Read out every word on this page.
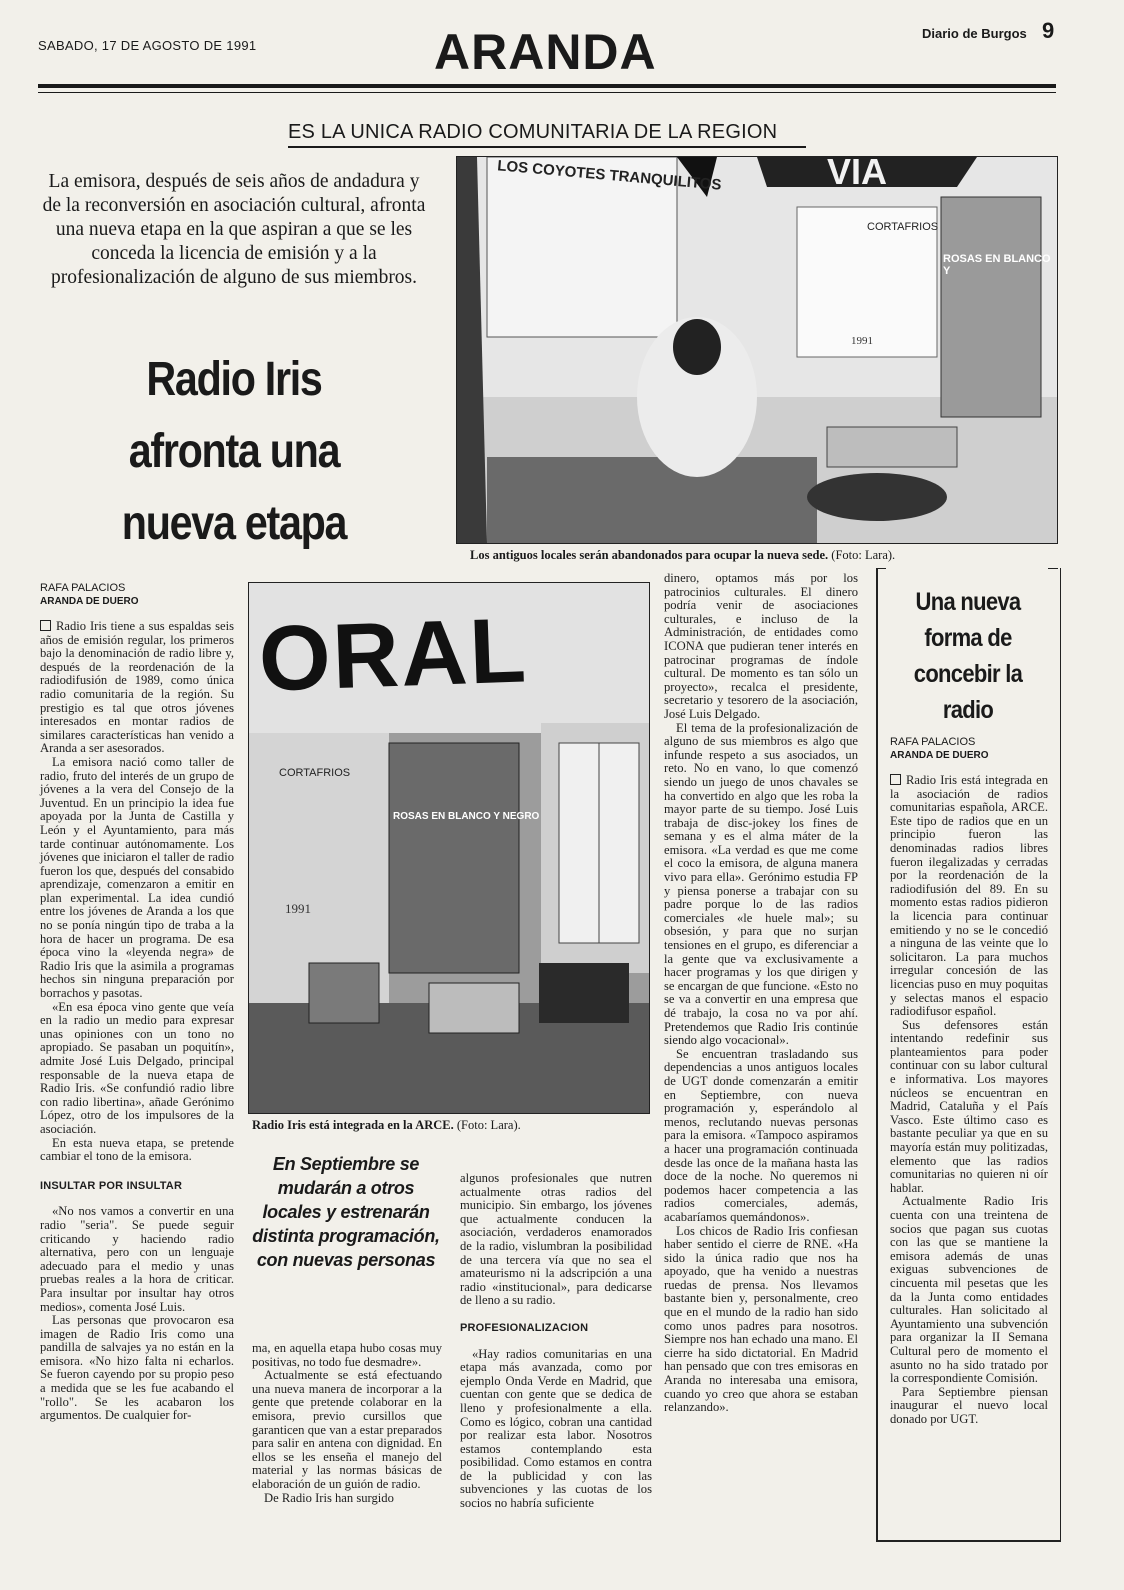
SABADO, 17 DE AGOSTO DE 1991	ARANDA	Diario de Burgos 9
ES LA UNICA RADIO COMUNITARIA DE LA REGION
La emisora, después de seis años de andadura y de la reconversión en asociación cultural, afronta una nueva etapa en la que aspiran a que se les conceda la licencia de emisión y a la profesionalización de alguno de sus miembros.
Radio Iris
afronta una
nueva etapa
LOS COYOTES TRANQUILITOS	VIA
CORTAFRIOS
ROSAS EN BLANCO Y
1991
Los antiguos locales serán abandonados para ocupar la nueva sede. (Foto: Lara).
RAFA PALACIOS
ARANDA DE DUERO

Radio Iris tiene a sus espaldas seis años de emisión regular, los primeros bajo la denominación de radio libre y, después de la reordenación de la radiodifusión de 1989, como única radio comunitaria de la región. Su prestigio es tal que otros jóvenes interesados en montar radios de similares características han venido a Aranda a ser asesorados.

La emisora nació como taller de radio, fruto del interés de un grupo de jóvenes a la vera del Consejo de la Juventud. En un principio la idea fue apoyada por la Junta de Castilla y León y el Ayuntamiento, para más tarde continuar autónomamente. Los jóvenes que iniciaron el taller de radio fueron los que, después del consabido aprendizaje, comenzaron a emitir en plan experimental. La idea cundió entre los jóvenes de Aranda a los que no se ponía ningún tipo de traba a la hora de hacer un programa. De esa época vino la «leyenda negra» de Radio Iris que la asimila a programas hechos sin ninguna preparación por borrachos y pasotas.

«En esa época vino gente que veía en la radio un medio para expresar unas opiniones con un tono no apropiado. Se pasaban un poquitín», admite José Luis Delgado, principal responsable de la nueva etapa de Radio Iris. «Se confundió radio libre con radio libertina», añade Gerónimo López, otro de los impulsores de la asociación.

En esta nueva etapa, se pretende cambiar el tono de la emisora.

INSULTAR POR INSULTAR

«No nos vamos a convertir en una radio "seria". Se puede seguir criticando y haciendo radio alternativa, pero con un lenguaje adecuado para el medio y unas pruebas reales a la hora de criticar. Para insultar por insultar hay otros medios», comenta José Luis.

Las personas que provocaron esa imagen de Radio Iris como una pandilla de salvajes ya no están en la emisora. «No hizo falta ni echarlos. Se fueron cayendo por su propio peso a medida que se les fue acabando el "rollo". Se les acabaron los argumentos. De cualquier for-

ORAL
CORTAFRIOS
ROSAS EN BLANCO Y NEGRO
1991
Radio Iris está integrada en la ARCE. (Foto: Lara).
En Septiembre se mudarán a otros locales y estrenarán distinta programación, con nuevas personas

ma, en aquella etapa hubo cosas muy positivas, no todo fue desmadre».

Actualmente se está efectuando una nueva manera de incorporar a la gente que pretende colaborar en la emisora, previo cursillos que garanticen que van a estar preparados para salir en antena con dignidad. En ellos se les enseña el manejo del material y las normas básicas de elaboración de un guión de radio.

De Radio Iris han surgido

algunos profesionales que nutren actualmente otras radios del municipio. Sin embargo, los jóvenes que actualmente conducen la asociación, verdaderos enamorados de la radio, vislumbran la posibilidad de una tercera vía que no sea el amateurismo ni la adscripción a una radio «institucional», para dedicarse de lleno a su radio.

PROFESIONALIZACION

«Hay radios comunitarias en una etapa más avanzada, como por ejemplo Onda Verde en Madrid, que cuentan con gente que se dedica de lleno y profesionalmente a ella. Como es lógico, cobran una cantidad por realizar esta labor. Nosotros estamos contemplando esta posibilidad. Como estamos en contra de la publicidad y con las subvenciones y las cuotas de los socios no habría suficiente

dinero, optamos más por los patrocinios culturales. El dinero podría venir de asociaciones culturales, e incluso de la Administración, de entidades como ICONA que pudieran tener interés en patrocinar programas de índole cultural. De momento es tan sólo un proyecto», recalca el presidente, secretario y tesorero de la asociación, José Luis Delgado.

El tema de la profesionalización de alguno de sus miembros es algo que infunde respeto a sus asociados, un reto. No en vano, lo que comenzó siendo un juego de unos chavales se ha convertido en algo que les roba la mayor parte de su tiempo. José Luis trabaja de disc-jokey los fines de semana y es el alma máter de la emisora. «La verdad es que me come el coco la emisora, de alguna manera vivo para ella». Gerónimo estudia FP y piensa ponerse a trabajar con su padre porque lo de las radios comerciales «le huele mal»; su obsesión, y para que no surjan tensiones en el grupo, es diferenciar a la gente que va exclusivamente a hacer programas y los que dirigen y se encargan de que funcione. «Esto no se va a convertir en una empresa que dé trabajo, la cosa no va por ahí. Pretendemos que Radio Iris continúe siendo algo vocacional».

Se encuentran trasladando sus dependencias a unos antiguos locales de UGT donde comenzarán a emitir en Septiembre, con nueva programación y, esperándolo al menos, reclutando nuevas personas para la emisora. «Tampoco aspiramos a hacer una programación continuada desde las once de la mañana hasta las doce de la noche. No queremos ni podemos hacer competencia a las radios comerciales, además, acabaríamos quemándonos».

Los chicos de Radio Iris confiesan haber sentido el cierre de RNE. «Ha sido la única radio que nos ha apoyado, que ha venido a nuestras ruedas de prensa. Nos llevamos bastante bien y, personalmente, creo que en el mundo de la radio han sido como unos padres para nosotros. Siempre nos han echado una mano. El cierre ha sido dictatorial. En Madrid han pensado que con tres emisoras en Aranda no interesaba una emisora, cuando yo creo que ahora se estaban relanzando».

Una nueva forma de concebir la radio
RAFA PALACIOS
ARANDA DE DUERO

Radio Iris está integrada en la asociación de radios comunitarias española, ARCE. Este tipo de radios que en un principio fueron las denominadas radios libres fueron ilegalizadas y cerradas por la reordenación de la radiodifusión del 89. En su momento estas radios pidieron la licencia para continuar emitiendo y no se le concedió a ninguna de las veinte que lo solicitaron. La para muchos irregular concesión de las licencias puso en muy poquitas y selectas manos el espacio radiodifusor español.

Sus defensores están intentando redefinir sus planteamientos para poder continuar con su labor cultural e informativa. Los mayores núcleos se encuentran en Madrid, Cataluña y el País Vasco. Este último caso es bastante peculiar ya que en su mayoría están muy politizadas, elemento que las radios comunitarias no quieren ni oír hablar.

Actualmente Radio Iris cuenta con una treintena de socios que pagan sus cuotas con las que se mantiene la emisora además de unas exiguas subvenciones de cincuenta mil pesetas que les da la Junta como entidades culturales. Han solicitado al Ayuntamiento una subvención para organizar la II Semana Cultural pero de momento el asunto no ha sido tratado por la correspondiente Comisión.

Para Septiembre piensan inaugurar el nuevo local donado por UGT.
